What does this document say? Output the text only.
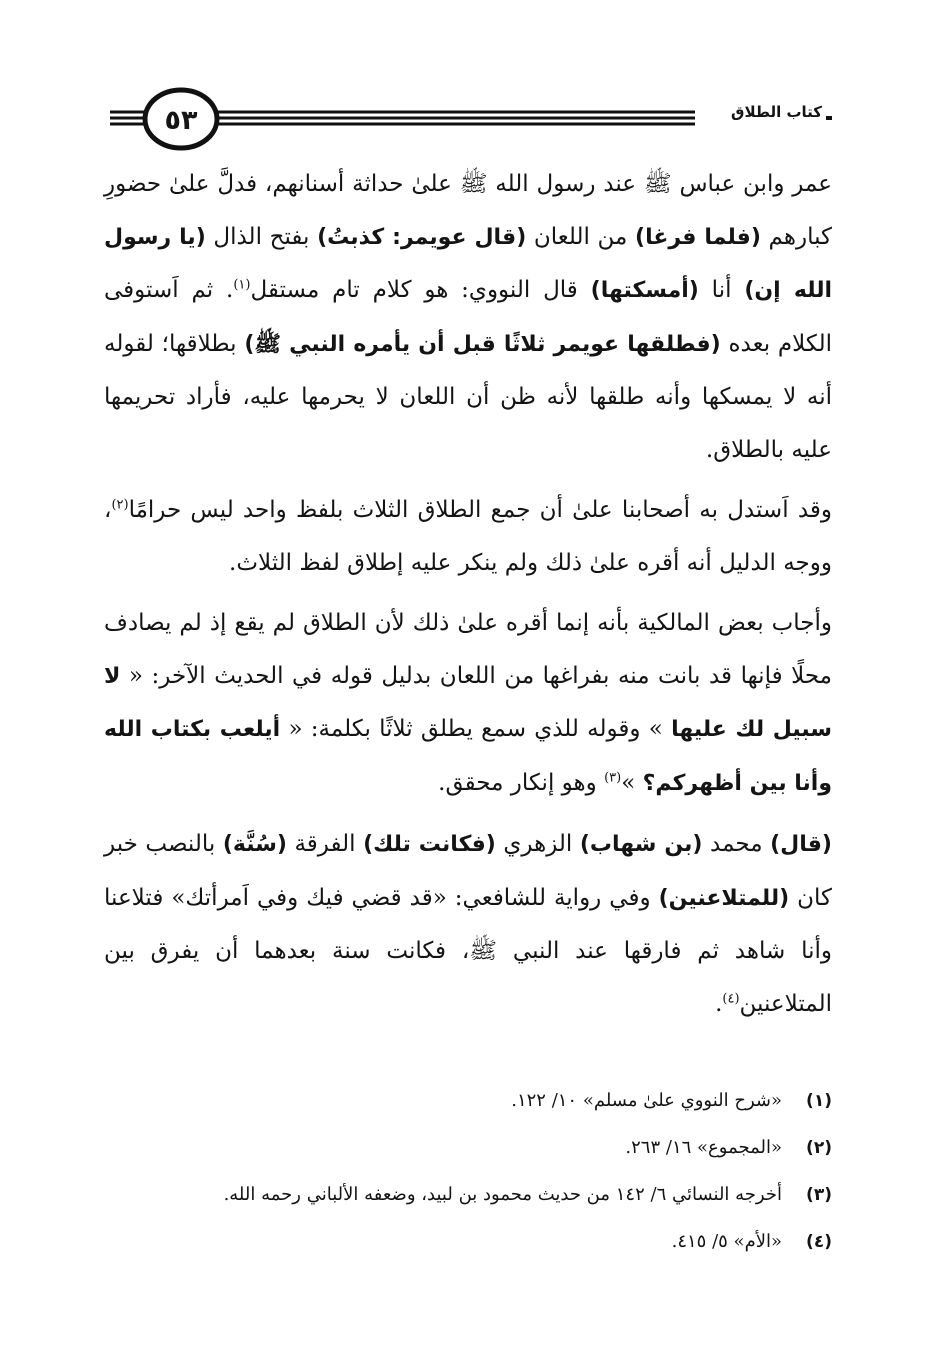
٥٣	كتاب الطلاق

عمر وابن عباس ﷺ عند رسول الله ﷺ علىٰ حداثة أسنانهم، فدلَّ علىٰ حضورِ كبارهم (فلما فرغا) من اللعان (قال عويمر: كذبتُ) بفتح الذال (يا رسول الله إن) أنا (أمسكتها) قال النووي: هو كلام تام مستقل$^{(١)}$. ثم اَستوفى الكلام بعده (فطلقها عويمر ثلاثًا قبل أن يأمره النبي ﷺ) بطلاقها؛ لقوله أنه لا يمسكها وأنه طلقها لأنه ظن أن اللعان لا يحرمها عليه، فأراد تحريمها عليه بالطلاق.

وقد اَستدل به أصحابنا علىٰ أن جمع الطلاق الثلاث بلفظ واحد ليس حرامًا$^{(٢)}$، ووجه الدليل أنه أقره علىٰ ذلك ولم ينكر عليه إطلاق لفظ الثلاث.

وأجاب بعض المالكية بأنه إنما أقره علىٰ ذلك لأن الطلاق لم يقع إذ لم يصادف محلًا فإنها قد بانت منه بفراغها من اللعان بدليل قوله في الحديث الآخر: « لا سبيل لك عليها » وقوله للذي سمع يطلق ثلاثًا بكلمة: « أيلعب بكتاب الله وأنا بين أظهركم؟ »$^{(٣)}$ وهو إنكار محقق.

(قال) محمد (بن شهاب) الزهري (فكانت تلك) الفرقة (سُنَّة) بالنصب خبر كان (للمتلاعنين) وفي رواية للشافعي: «قد قضي فيك وفي اَمرأتك» فتلاعنا وأنا شاهد ثم فارقها عند النبي ﷺ، فكانت سنة بعدهما أن يفرق بين المتلاعنين$^{(٤)}$.

(١)
«شرح النووي علىٰ مسلم» ١٠/ ١٢٢.
(٢)
«المجموع» ١٦/ ٢٦٣.
(٣)
أخرجه النسائي ٦/ ١٤٢ من حديث محمود بن لبيد، وضعفه الألباني رحمه الله.
(٤)
«الأم» ٥/ ٤١٥.
